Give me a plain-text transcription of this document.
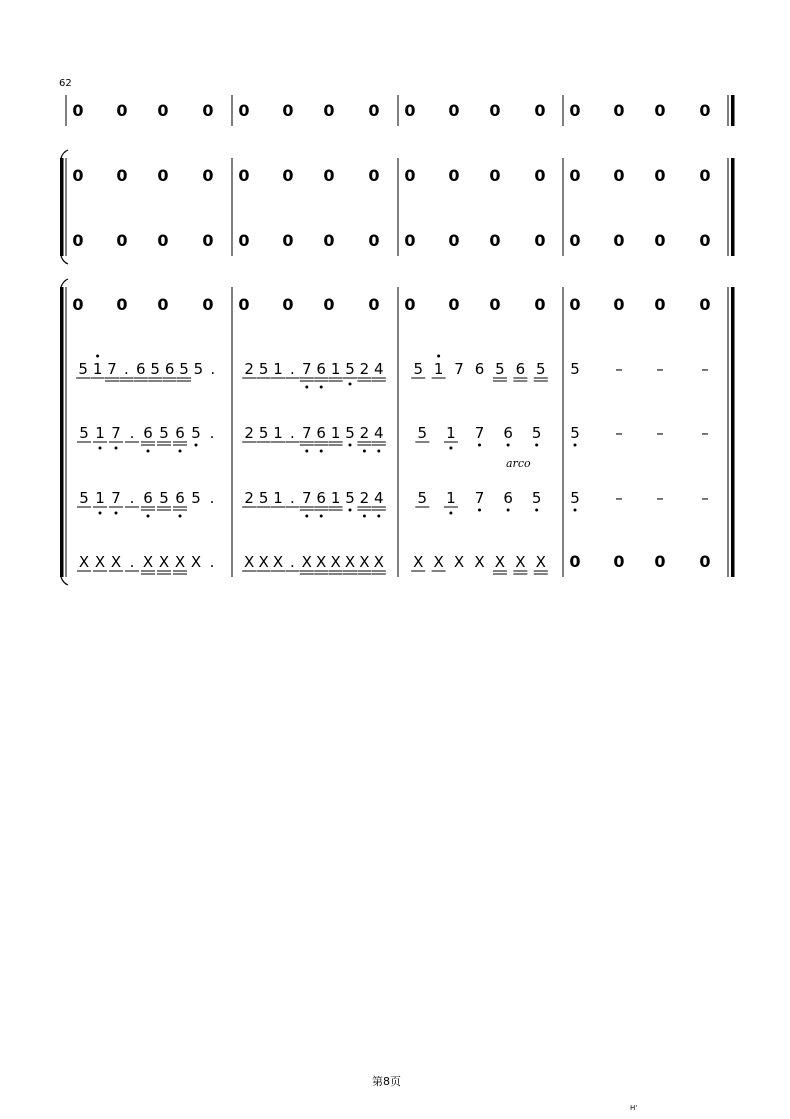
62
0 0 0 0 0 0 0 0 0 0 0 0 0 0 0 0
0 0 0 0 0 0 0 0 0 0 0 0 0 0 0 0
0 0 0 0 0 0 0 0 0 0 0 0 0 0 0 0
0 0 0 0 0 0 0 0 0 0 0 0 0 0 0 0
5 1 7 . 6 5 6 5 5 . 2 5 1 . 7 6 1 5 2 4 5 1 7 6 5 6 5 5 – –	–
5 1 7 . 6 5 6 5 . 2 5 1 . 7 6 1 5 2 4 5 1 7 6 5 5 – –	–
5 1 7 . 6 5 6 5 . 2 5 1 . 7 6 1 5 2 4 5 1 7 6 5 5 – –	–
X X X . X X X X . X X X . X X X X X X X X X X X X X 0 0 0 0
arco
第8页
H'
